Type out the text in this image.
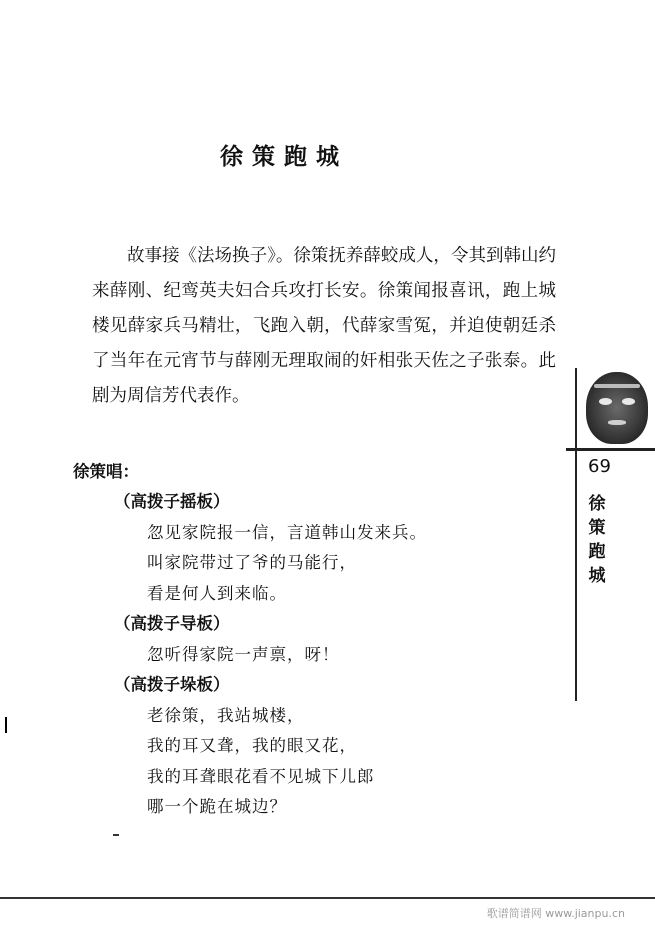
徐策跑城

故事接《法场换子》。徐策抚养薛蛟成人，令其到韩山约来薛刚、纪鸾英夫妇合兵攻打长安。徐策闻报喜讯，跑上城楼见薛家兵马精壮，飞跑入朝，代薛家雪冤，并迫使朝廷杀了当年在元宵节与薛刚无理取闹的奸相张天佐之子张泰。此剧为周信芳代表作。

徐策唱：
（高拨子摇板）
忽见家院报一信，言道韩山发来兵。
叫家院带过了爷的马能行，
看是何人到来临。
（高拨子导板）
忽听得家院一声禀，呀！
（高拨子垛板）
老徐策，我站城楼，
我的耳又聋，我的眼又花，
我的耳聋眼花看不见城下儿郎
哪一个跪在城边？
69
徐
策
跑
城
歌谱简谱网 www.jianpu.cn
